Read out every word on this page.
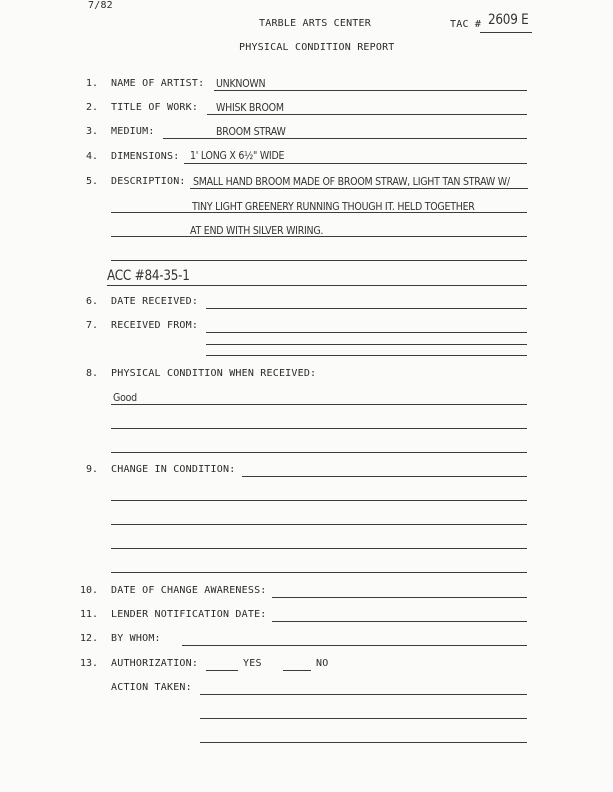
7/82
TARBLE ARTS CENTER	TAC # 2609 E
PHYSICAL CONDITION REPORT
1. NAME OF ARTIST: UNKNOWN
2. TITLE OF WORK: WHISK BROOM
3. MEDIUM:	BROOM STRAW
4. DIMENSIONS: 1' LONG X 6½" WIDE
5. DESCRIPTION: SMALL HAND BROOM MADE OF BROOM STRAW, LIGHT TAN STRAW W/
TINY LIGHT GREENERY RUNNING THOUGH IT. HELD TOGETHER
AT END WITH SILVER WIRING.
ACC #84-35-1
6. DATE RECEIVED:
7. RECEIVED FROM:
8. PHYSICAL CONDITION WHEN RECEIVED:
Good
9. CHANGE IN CONDITION:
10. DATE OF CHANGE AWARENESS:
11. LENDER NOTIFICATION DATE:
12. BY WHOM:
13. AUTHORIZATION:	YES	NO
ACTION TAKEN:
